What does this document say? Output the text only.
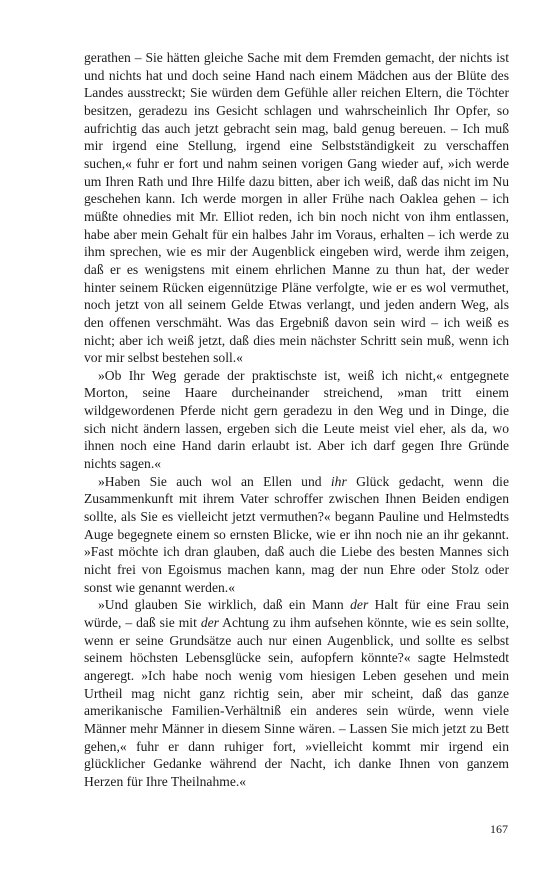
gerathen – Sie hätten gleiche Sache mit dem Fremden gemacht, der nichts ist und nichts hat und doch seine Hand nach einem Mädchen aus der Blüte des Landes ausstreckt; Sie würden dem Gefühle aller reichen Eltern, die Töchter besitzen, geradezu ins Gesicht schlagen und wahrscheinlich Ihr Opfer, so aufrichtig das auch jetzt gebracht sein mag, bald genug bereuen. – Ich muß mir irgend eine Stellung, irgend eine Selbstständigkeit zu verschaffen suchen,« fuhr er fort und nahm seinen vorigen Gang wieder auf, »ich werde um Ihren Rath und Ihre Hilfe dazu bitten, aber ich weiß, daß das nicht im Nu geschehen kann. Ich werde morgen in aller Frühe nach Oaklea gehen – ich müßte ohnedies mit Mr. Elliot reden, ich bin noch nicht von ihm entlassen, habe aber mein Gehalt für ein halbes Jahr im Voraus, erhalten – ich werde zu ihm sprechen, wie es mir der Augenblick eingeben wird, werde ihm zeigen, daß er es wenigstens mit einem ehrlichen Manne zu thun hat, der weder hinter seinem Rücken eigennützige Pläne verfolgte, wie er es wol vermuthet, noch jetzt von all seinem Gelde Etwas verlangt, und jeden andern Weg, als den offenen verschmäht. Was das Ergebniß davon sein wird – ich weiß es nicht; aber ich weiß jetzt, daß dies mein nächster Schritt sein muß, wenn ich vor mir selbst bestehen soll.«

»Ob Ihr Weg gerade der praktischste ist, weiß ich nicht,« entgegnete Morton, seine Haare durcheinander streichend, »man tritt einem wildgewordenen Pferde nicht gern geradezu in den Weg und in Dinge, die sich nicht ändern lassen, ergeben sich die Leute meist viel eher, als da, wo ihnen noch eine Hand darin erlaubt ist. Aber ich darf gegen Ihre Gründe nichts sagen.«

»Haben Sie auch wol an Ellen und ihr Glück gedacht, wenn die Zusammenkunft mit ihrem Vater schroffer zwischen Ihnen Beiden endigen sollte, als Sie es vielleicht jetzt vermuthen?« begann Pauline und Helmstedts Auge begegnete einem so ernsten Blicke, wie er ihn noch nie an ihr gekannt. »Fast möchte ich dran glauben, daß auch die Liebe des besten Mannes sich nicht frei von Egoismus machen kann, mag der nun Ehre oder Stolz oder sonst wie genannt werden.«

»Und glauben Sie wirklich, daß ein Mann der Halt für eine Frau sein würde, – daß sie mit der Achtung zu ihm aufsehen könnte, wie es sein sollte, wenn er seine Grundsätze auch nur einen Augenblick, und sollte es selbst seinem höchsten Lebensglücke sein, aufopfern könnte?« sagte Helmstedt angeregt. »Ich habe noch wenig vom hiesigen Leben gesehen und mein Urtheil mag nicht ganz richtig sein, aber mir scheint, daß das ganze amerikanische Familien-Verhältniß ein anderes sein würde, wenn viele Männer mehr Männer in diesem Sinne wären. – Lassen Sie mich jetzt zu Bett gehen,« fuhr er dann ruhiger fort, »vielleicht kommt mir irgend ein glücklicher Gedanke während der Nacht, ich danke Ihnen von ganzem Herzen für Ihre Theilnahme.«

167
